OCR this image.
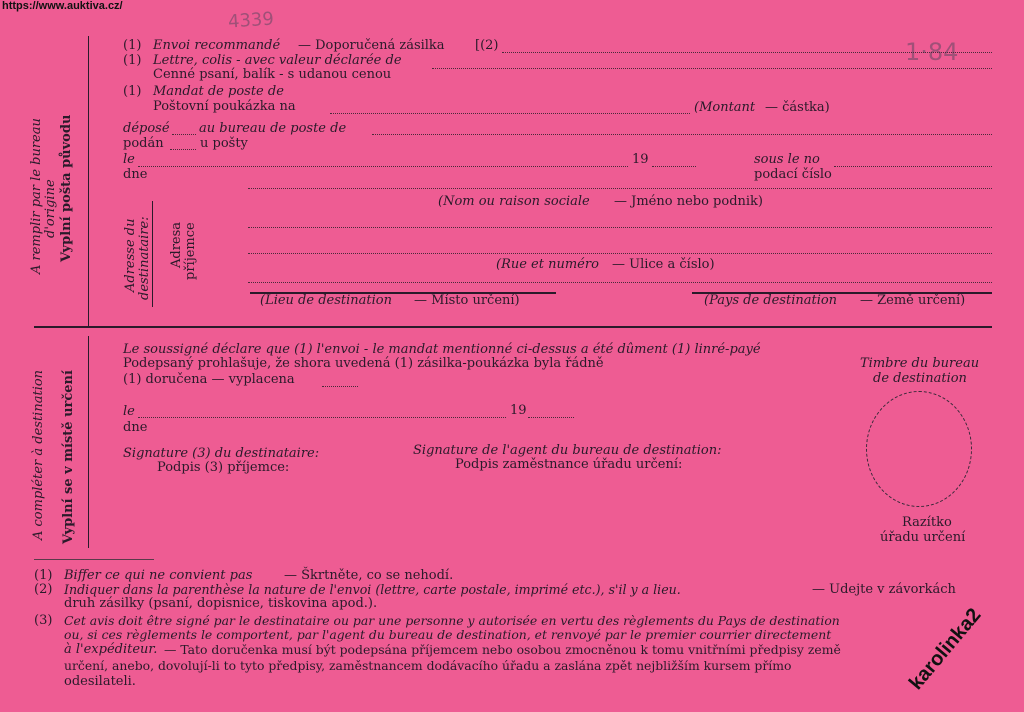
https://www.auktiva.cz/
karolinka2
4339
1·84
A remplir par le bureau d'origine Vyplní pošta původu	Adresse du destinataire: Adresa příjemce
(1) Envoi recommandé — Doporučená zásilka [(2)
(1) Lettre, colis - avec valeur déclarée de
Cenné psaní, balík - s udanou cenou
(1) Mandat de poste de
Poštovní poukázka na	(Montant — částka)
déposé au bureau de poste de
podán	u pošty
le	19	sous le no
dne	podací číslo
(Nom ou raison sociale — Jméno nebo podnik)
(Rue et numéro — Ulice a číslo)
(Lieu de destination — Místo určení)	(Pays de destination — Země určení)
A compléter à destination Vyplní se v místě určení
Le soussigné déclare que (1) l'envoi - le mandat mentionné ci-dessus a été dûment (1) linré-payé
Podepsaný prohlašuje, že shora uvedená (1) zásilka-poukázka byla řádně
(1) doručena — vyplacena
le	19
dne
Signature (3) du destinataire:
Podpis (3) příjemce:
Signature de l'agent du bureau de destination:
Podpis zaměstnance úřadu určení:
Timbre du bureau
de destination
Razítko
úřadu určení
(1) Biffer ce qui ne convient pas — Škrtněte, co se nehodí.
(2) Indiquer dans la parenthèse la nature de l'envoi (lettre, carte postale, imprimé etc.), s'il y a lieu.	— Udejte v závorkách
druh zásilky (psaní, dopisnice, tiskovina apod.).
(3) Cet avis doit être signé par le destinataire ou par une personne y autorisée en vertu des règlements du Pays de destination
ou, si ces règlements le comportent, par l'agent du bureau de destination, et renvoyé par le premier courrier directement
à l'expéditeur. — Tato doručenka musí být podepsána příjemcem nebo osobou zmocněnou k tomu vnitřními předpisy země
určení, anebo, dovolují-li to tyto předpisy, zaměstnancem dodávacího úřadu a zaslána zpět nejbližším kursem přímo
odesilateli.
